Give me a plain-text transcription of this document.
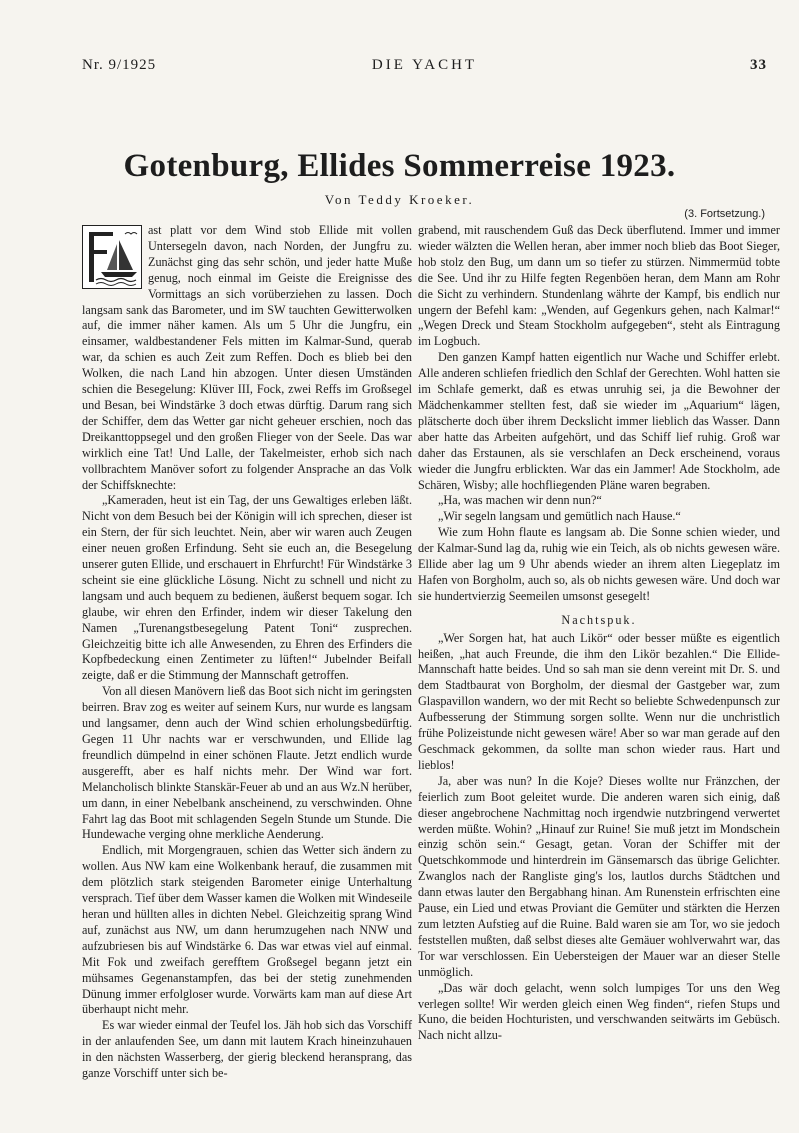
Nr. 9/1925	DIE YACHT	33
Gotenburg, Ellides Sommerreise 1923.
Von Teddy Kroeker.
(3. Fortsetzung.)

ast platt vor dem Wind stob Ellide mit vollen Untersegeln davon, nach Norden, der Jungfru zu. Zunächst ging das sehr schön, und jeder hatte Muße genug, noch einmal im Geiste die Ereignisse des Vormittags an sich vorüberziehen zu lassen. Doch langsam sank das Barometer, und im SW tauchten Gewitterwolken auf, die immer näher kamen. Als um 5 Uhr die Jungfru, ein einsamer, waldbestandener Fels mitten im Kalmar-Sund, querab war, da schien es auch Zeit zum Reffen. Doch es blieb bei den Wolken, die nach Land hin abzogen. Unter diesen Umständen schien die Besegelung: Klüver III, Fock, zwei Reffs im Großsegel und Besan, bei Windstärke 3 doch etwas dürftig. Darum rang sich der Schiffer, dem das Wetter gar nicht geheuer erschien, noch das Dreikanttoppsegel und den großen Flieger von der Seele. Das war wirklich eine Tat! Und Lalle, der Takelmeister, erhob sich nach vollbrachtem Manöver sofort zu folgender Ansprache an das Volk der Schiffsknechte:

„Kameraden, heut ist ein Tag, der uns Gewaltiges erleben läßt. Nicht von dem Besuch bei der Königin will ich sprechen, dieser ist ein Stern, der für sich leuchtet. Nein, aber wir waren auch Zeugen einer neuen großen Erfindung. Seht sie euch an, die Besegelung unserer guten Ellide, und erschauert in Ehrfurcht! Für Windstärke 3 scheint sie eine glückliche Lösung. Nicht zu schnell und nicht zu langsam und auch bequem zu bedienen, äußerst bequem sogar. Ich glaube, wir ehren den Erfinder, indem wir dieser Takelung den Namen „Turenangstbesegelung Patent Toni“ zusprechen. Gleichzeitig bitte ich alle Anwesenden, zu Ehren des Erfinders die Kopfbedeckung einen Zentimeter zu lüften!“ Jubelnder Beifall zeigte, daß er die Stimmung der Mannschaft getroffen.

Von all diesen Manövern ließ das Boot sich nicht im geringsten beirren. Brav zog es weiter auf seinem Kurs, nur wurde es langsam und langsamer, denn auch der Wind schien erholungsbedürftig. Gegen 11 Uhr nachts war er verschwunden, und Ellide lag freundlich dümpelnd in einer schönen Flaute. Jetzt endlich wurde ausgerefft, aber es half nichts mehr. Der Wind war fort. Melancholisch blinkte Stanskär-Feuer ab und an aus Wz.N herüber, um dann, in einer Nebelbank anscheinend, zu verschwinden. Ohne Fahrt lag das Boot mit schlagenden Segeln Stunde um Stunde. Die Hundewache verging ohne merkliche Aenderung.

Endlich, mit Morgengrauen, schien das Wetter sich ändern zu wollen. Aus NW kam eine Wolkenbank herauf, die zusammen mit dem plötzlich stark steigenden Barometer einige Unterhaltung versprach. Tief über dem Wasser kamen die Wolken mit Windeseile heran und hüllten alles in dichten Nebel. Gleichzeitig sprang Wind auf, zunächst aus NW, um dann herumzugehen nach NNW und aufzubriesen bis auf Windstärke 6. Das war etwas viel auf einmal. Mit Fok und zweifach gerefftem Großsegel begann jetzt ein mühsames Gegenanstampfen, das bei der stetig zunehmenden Dünung immer erfolgloser wurde. Vorwärts kam man auf diese Art überhaupt nicht mehr.

Es war wieder einmal der Teufel los. Jäh hob sich das Vorschiff in der anlaufenden See, um dann mit lautem Krach hineinzuhauen in den nächsten Wasserberg, der gierig bleckend heransprang, das ganze Vorschiff unter sich be-

grabend, mit rauschendem Guß das Deck überflutend. Immer und immer wieder wälzten die Wellen heran, aber immer noch blieb das Boot Sieger, hob stolz den Bug, um dann um so tiefer zu stürzen. Nimmermüd tobte die See. Und ihr zu Hilfe fegten Regenböen heran, dem Mann am Rohr die Sicht zu verhindern. Stundenlang währte der Kampf, bis endlich nur ungern der Befehl kam: „Wenden, auf Gegenkurs gehen, nach Kalmar!“ „Wegen Dreck und Steam Stockholm aufgegeben“, steht als Eintragung im Logbuch.

Den ganzen Kampf hatten eigentlich nur Wache und Schiffer erlebt. Alle anderen schliefen friedlich den Schlaf der Gerechten. Wohl hatten sie im Schlafe gemerkt, daß es etwas unruhig sei, ja die Bewohner der Mädchenkammer stellten fest, daß sie wieder im „Aquarium“ lägen, plätscherte doch über ihrem Deckslicht immer lieblich das Wasser. Dann aber hatte das Arbeiten aufgehört, und das Schiff lief ruhig. Groß war daher das Erstaunen, als sie verschlafen an Deck erscheinend, voraus wieder die Jungfru erblickten. War das ein Jammer! Ade Stockholm, ade Schären, Wisby; alle hochfliegenden Pläne waren begraben.

„Ha, was machen wir denn nun?“

„Wir segeln langsam und gemütlich nach Hause.“

Wie zum Hohn flaute es langsam ab. Die Sonne schien wieder, und der Kalmar-Sund lag da, ruhig wie ein Teich, als ob nichts gewesen wäre. Ellide aber lag um 9 Uhr abends wieder an ihrem alten Liegeplatz im Hafen von Borgholm, auch so, als ob nichts gewesen wäre. Und doch war sie hundertvierzig Seemeilen umsonst gesegelt!

Nachtspuk.

„Wer Sorgen hat, hat auch Likör“ oder besser müßte es eigentlich heißen, „hat auch Freunde, die ihm den Likör bezahlen.“ Die Ellide-Mannschaft hatte beides. Und so sah man sie denn vereint mit Dr. S. und dem Stadtbaurat von Borgholm, der diesmal der Gastgeber war, zum Glaspavillon wandern, wo der mit Recht so beliebte Schwedenpunsch zur Aufbesserung der Stimmung sorgen sollte. Wenn nur die unchristlich frühe Polizeistunde nicht gewesen wäre! Aber so war man gerade auf den Geschmack gekommen, da sollte man schon wieder raus. Hart und lieblos!

Ja, aber was nun? In die Koje? Dieses wollte nur Fränzchen, der feierlich zum Boot geleitet wurde. Die anderen waren sich einig, daß dieser angebrochene Nachmittag noch irgendwie nutzbringend verwertet werden müßte. Wohin? „Hinauf zur Ruine! Sie muß jetzt im Mondschein einzig schön sein.“ Gesagt, getan. Voran der Schiffer mit der Quetschkommode und hinterdrein im Gänsemarsch das übrige Gelichter. Zwanglos nach der Rangliste ging's los, lautlos durchs Städtchen und dann etwas lauter den Bergabhang hinan. Am Runenstein erfrischten eine Pause, ein Lied und etwas Proviant die Gemüter und stärkten die Herzen zum letzten Aufstieg auf die Ruine. Bald waren sie am Tor, wo sie jedoch feststellen mußten, daß selbst dieses alte Gemäuer wohlverwahrt war, das Tor war verschlossen. Ein Uebersteigen der Mauer war an dieser Stelle unmöglich.

„Das wär doch gelacht, wenn solch lumpiges Tor uns den Weg verlegen sollte! Wir werden gleich einen Weg finden“, riefen Stups und Kuno, die beiden Hochturisten, und verschwanden seitwärts im Gebüsch. Nach nicht allzu-
